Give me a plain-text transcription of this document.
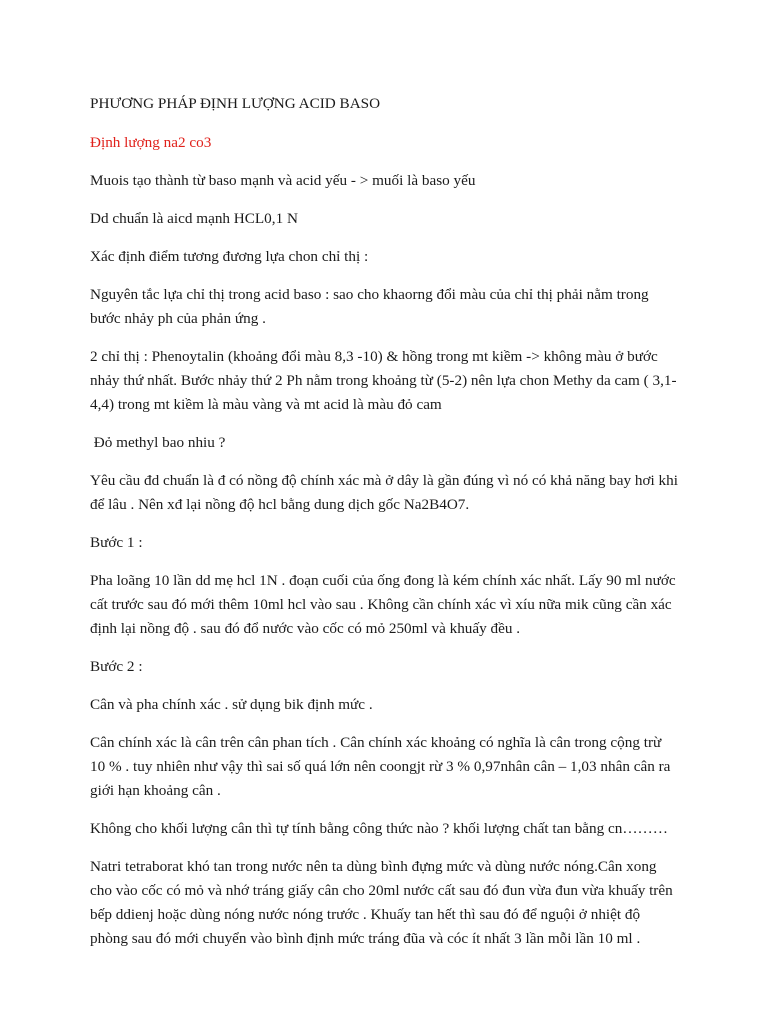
PHƯƠNG PHÁP ĐỊNH LƯỢNG ACID BASO

Định lượng na2 co3

Muois tạo thành từ baso mạnh và acid yếu - > muối là baso yếu

Dd chuẩn là aicd mạnh HCL0,1 N

Xác định điểm tương đương lựa chon chỉ thị :

Nguyên tắc lựa chỉ thị trong acid baso : sao cho khaorng đổi màu của chỉ thị phải nằm trong bước nhảy ph của phản ứng .

2 chỉ thị : Phenoytalin (khoảng đổi màu 8,3 -10) & hồng trong mt kiềm -> không màu ở bước nhảy thứ nhất. Bước nhảy thứ 2 Ph nằm trong khoảng từ (5-2) nên lựa chon Methy da cam ( 3,1- 4,4) trong mt kiềm là màu vàng và mt acid là màu đỏ cam

Đỏ methyl bao nhiu ?

Yêu cầu đd chuẩn là đ có nồng độ chính xác mà ở dây là gần đúng vì nó có khả năng bay hơi khi để lâu . Nên xđ lại nồng độ hcl bằng dung dịch gốc Na2B4O7.

Bước 1 :

Pha loãng 10 lần dd mẹ hcl 1N . đoạn cuối của ống đong là kém chính xác nhất. Lấy 90 ml nước cất trước sau đó mới thêm 10ml hcl vào sau . Không cần chính xác vì xíu nữa mik cũng cần xác định lại nồng độ . sau đó đổ nước vào cốc có mỏ 250ml và khuấy đều .

Bước 2 :

Cân và pha chính xác . sử dụng bik định mức .

Cân chính xác là cân trên cân phan tích . Cân chính xác khoảng có nghĩa là cân trong cộng trừ 10 % . tuy nhiên như vậy thì sai số quá lớn nên coongjt rừ 3 % 0,97nhân cân – 1,03 nhân cân ra giới hạn khoảng cân .

Không cho khối lượng cân thì tự tính bằng công thức nào ? khối lượng chất tan bằng cn………

Natri tetraborat khó tan trong nước nên ta dùng bình đựng mức và dùng nước nóng.Cân xong cho vào cốc có mỏ và nhớ tráng giấy cân cho 20ml nước cất sau đó đun vừa đun vừa khuấy trên bếp ddienj hoặc dùng nóng nước nóng trước . Khuấy tan hết thì sau đó để nguội ở nhiệt độ phòng sau đó mới chuyển vào bình định mức tráng đũa và cóc ít nhất 3 lần mỗi lần 10 ml .
